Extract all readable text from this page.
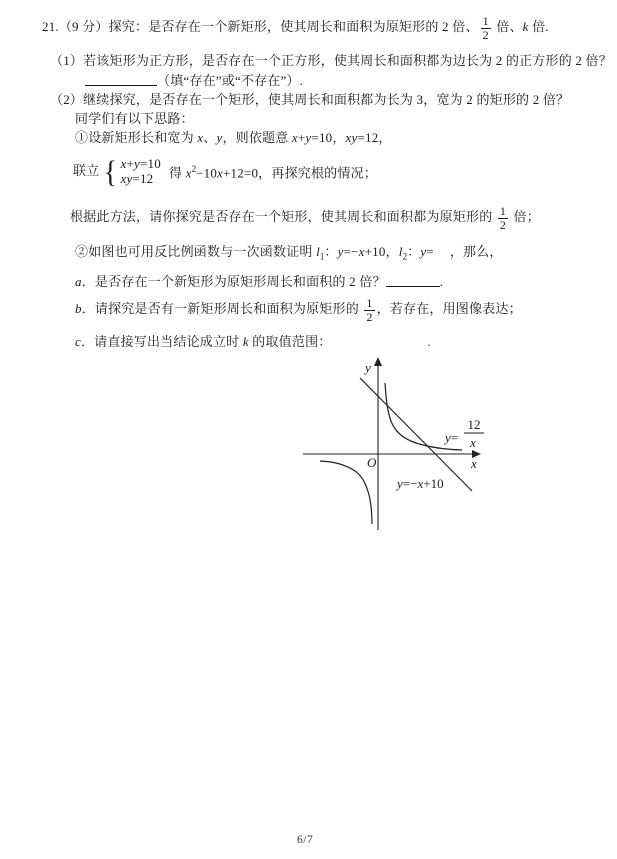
21.（9 分）探究：是否存在一个新矩形，使其周长和面积为原矩形的 2 倍、 $\frac{1}{2}$ 倍、k 倍.
（1）若该矩形为正方形，是否存在一个正方形，使其周长和面积都为边长为 2 的正方形的 2 倍？
（填“存在”或“不存在”）.
（2）继续探究，是否存在一个矩形，使其周长和面积都为长为 3，宽为 2 的矩形的 2 倍？
同学们有以下思路：
①设新矩形长和宽为 x、y，则依题意 x+y=10，xy=12，
联立 { x+y=10
xy=12	得 $x^2-10x+12=0$，再探究根的情况；
根据此方法，请你探究是否存在一个矩形，使其周长和面积都为原矩形的 $\frac{1}{2}$ 倍；
②如图也可用反比例函数与一次函数证明 $l_1$：y=−x+10，$l_2$：y= ，那么，
a．是否存在一个新矩形为原矩形周长和面积的 2 倍？	.
b．请探究是否有一新矩形周长和面积为原矩形的 $\frac{1}{2}$ ，若存在，用图像表达；
c．请直接写出当结论成立时 k 的取值范围：	.
y
x
O
y=
12
x
y=−x+10
6/7
